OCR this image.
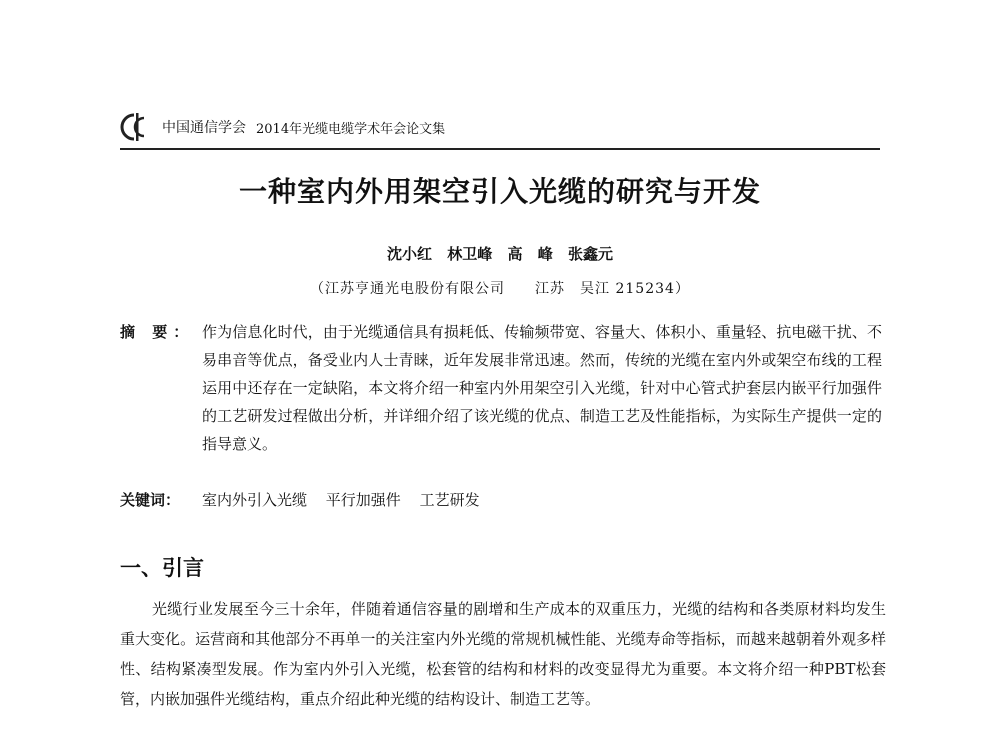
中国通信学会 2014年光缆电缆学术年会论文集
一种室内外用架空引入光缆的研究与开发
沈小红 林卫峰 高 峰 张鑫元
（江苏亨通光电股份有限公司　　江苏　吴江 215234）
摘 要： 作为信息化时代，由于光缆通信具有损耗低、传输频带宽、容量大、体积小、重量轻、抗电磁干扰、不易串音等优点，备受业内人士青睐，近年发展非常迅速。然而，传统的光缆在室内外或架空布线的工程运用中还存在一定缺陷，本文将介绍一种室内外用架空引入光缆，针对中心管式护套层内嵌平行加强件的工艺研发过程做出分析，并详细介绍了该光缆的优点、制造工艺及性能指标，为实际生产提供一定的指导意义。
关键词：	室内外引入光缆 平行加强件 工艺研发
一、引言
光缆行业发展至今三十余年，伴随着通信容量的剧增和生产成本的双重压力，光缆的结构和各类原材料均发生重大变化。运营商和其他部分不再单一的关注室内外光缆的常规机械性能、光缆寿命等指标，而越来越朝着外观多样性、结构紧凑型发展。作为室内外引入光缆，松套管的结构和材料的改变显得尤为重要。本文将介绍一种PBT松套管，内嵌加强件光缆结构，重点介绍此种光缆的结构设计、制造工艺等。
